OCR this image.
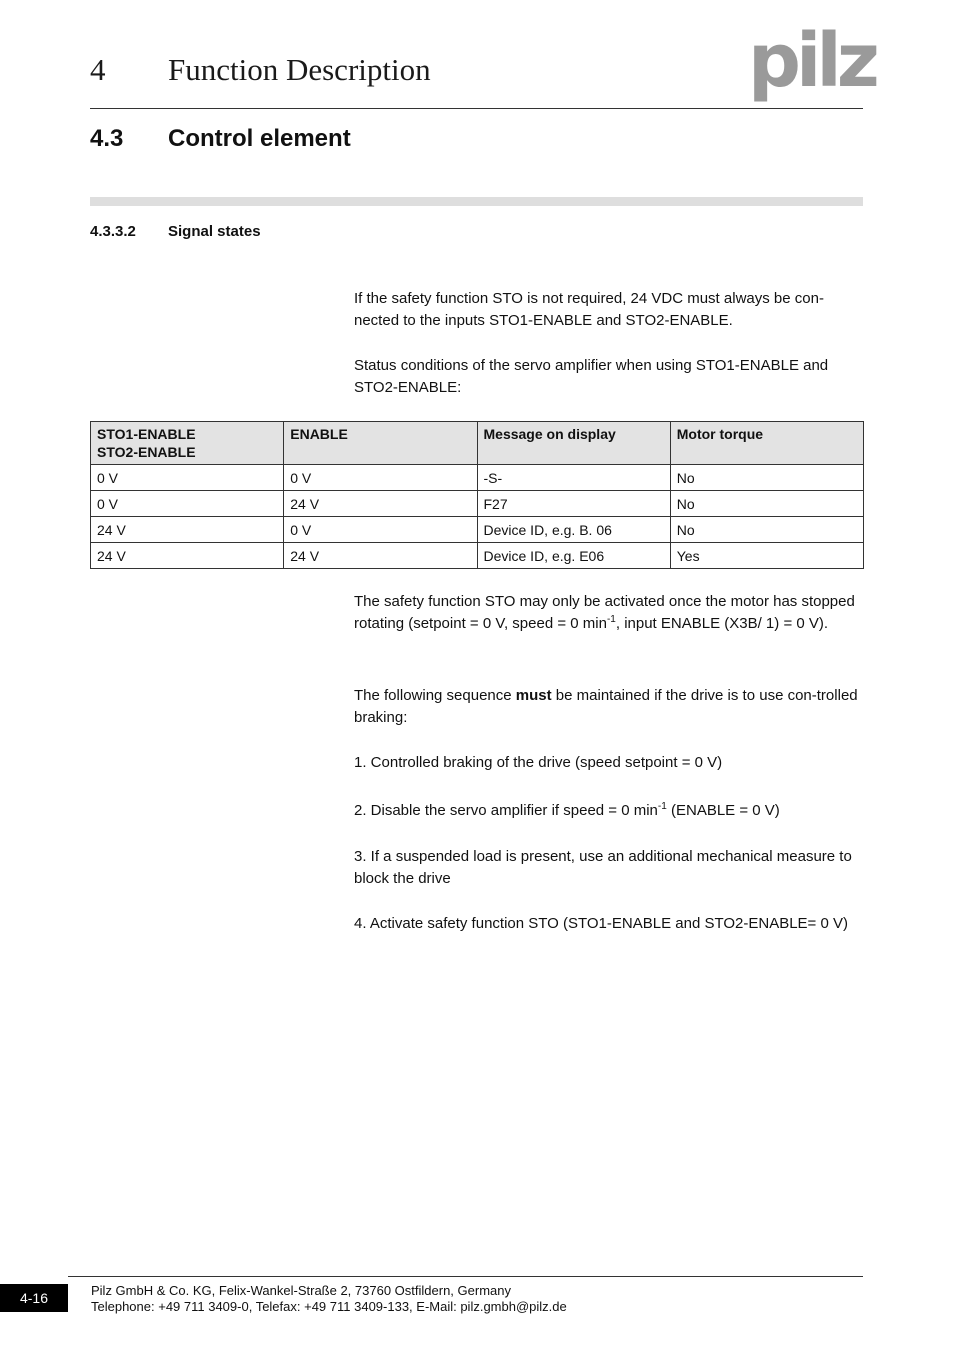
4 Function Description	pilz
4.3 Control element
4.3.3.2 Signal states
If the safety function STO is not required, 24 VDC must always be con-nected to the inputs STO1-ENABLE and STO2-ENABLE.
Status conditions of the servo amplifier when using STO1-ENABLE and STO2-ENABLE:
STO1-ENABLE
STO2-ENABLE	ENABLE	Message on display	Motor torque
0 V	0 V	-S-	No
0 V	24 V	F27	No
24 V	0 V	Device ID, e.g. B. 06	No
24 V	24 V	Device ID, e.g. E06	Yes
The safety function STO may only be activated once the motor has stopped rotating (setpoint = 0 V, speed = 0 $\min^{-1}$, input ENABLE (X3B/ 1) = 0 V).
The following sequence must be maintained if the drive is to use con-trolled braking:
1. Controlled braking of the drive (speed setpoint = 0 V)
2. Disable the servo amplifier if speed = 0 $\min^{-1}$ (ENABLE = 0 V)
3. If a suspended load is present, use an additional mechanical measure to block the drive
4. Activate safety function STO (STO1-ENABLE and STO2-ENABLE= 0 V)
4-16	Pilz GmbH & Co. KG, Felix-Wankel-Straße 2, 73760 Ostfildern, Germany
Telephone: +49 711 3409-0, Telefax: +49 711 3409-133, E-Mail: pilz.gmbh@pilz.de
